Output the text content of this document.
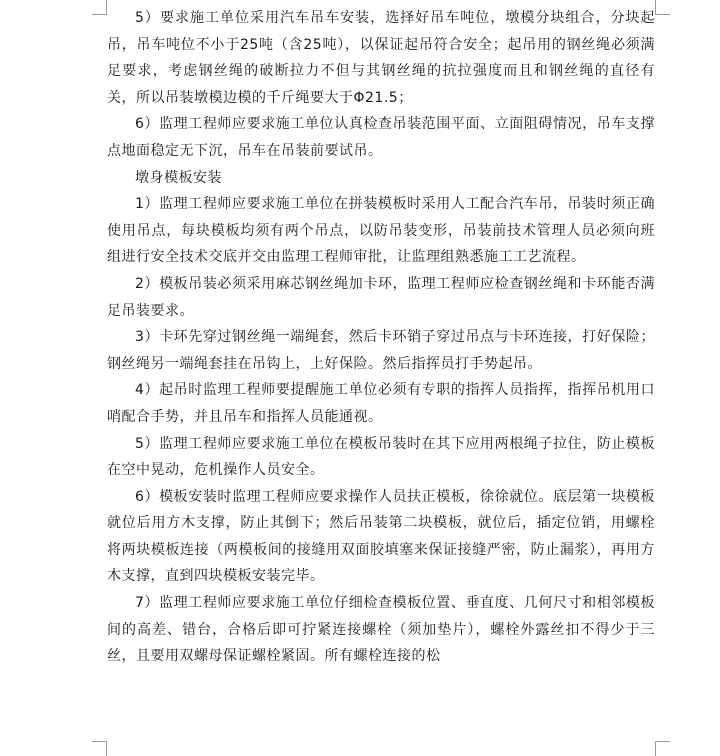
5）要求施工单位采用汽车吊车安装，选择好吊车吨位，墩模分块组合，分块起吊，吊车吨位不小于25吨（含25吨），以保证起吊符合安全；起吊用的钢丝绳必须满足要求，考虑钢丝绳的破断拉力不但与其钢丝绳的抗拉强度而且和钢丝绳的直径有关，所以吊装墩模边模的千斤绳要大于Φ21.5；

6）监理工程师应要求施工单位认真检查吊装范围平面、立面阻碍情况，吊车支撑点地面稳定无下沉，吊车在吊装前要试吊。

墩身模板安装

1）监理工程师应要求施工单位在拼装模板时采用人工配合汽车吊，吊装时须正确使用吊点，每块模板均须有两个吊点，以防吊装变形，吊装前技术管理人员必须向班组进行安全技术交底并交由监理工程师审批，让监理组熟悉施工工艺流程。

2）模板吊装必须采用麻芯钢丝绳加卡环，监理工程师应检查钢丝绳和卡环能否满足吊装要求。

3）卡环先穿过钢丝绳一端绳套，然后卡环销子穿过吊点与卡环连接，打好保险；钢丝绳另一端绳套挂在吊钩上，上好保险。然后指挥员打手势起吊。

4）起吊时监理工程师要提醒施工单位必须有专职的指挥人员指挥，指挥吊机用口哨配合手势，并且吊车和指挥人员能通视。

5）监理工程师应要求施工单位在模板吊装时在其下应用两根绳子拉住，防止模板在空中晃动，危机操作人员安全。

6）模板安装时监理工程师应要求操作人员扶正模板，徐徐就位。底层第一块模板就位后用方木支撑，防止其倒下；然后吊装第二块模板，就位后，插定位销，用螺栓将两块模板连接（两模板间的接缝用双面胶填塞来保证接缝严密，防止漏浆），再用方木支撑，直到四块模板安装完毕。

7）监理工程师应要求施工单位仔细检查模板位置、垂直度、几何尺寸和相邻模板间的高差、错台，合格后即可拧紧连接螺栓（须加垫片），螺栓外露丝扣不得少于三丝，且要用双螺母保证螺栓紧固。所有螺栓连接的松
